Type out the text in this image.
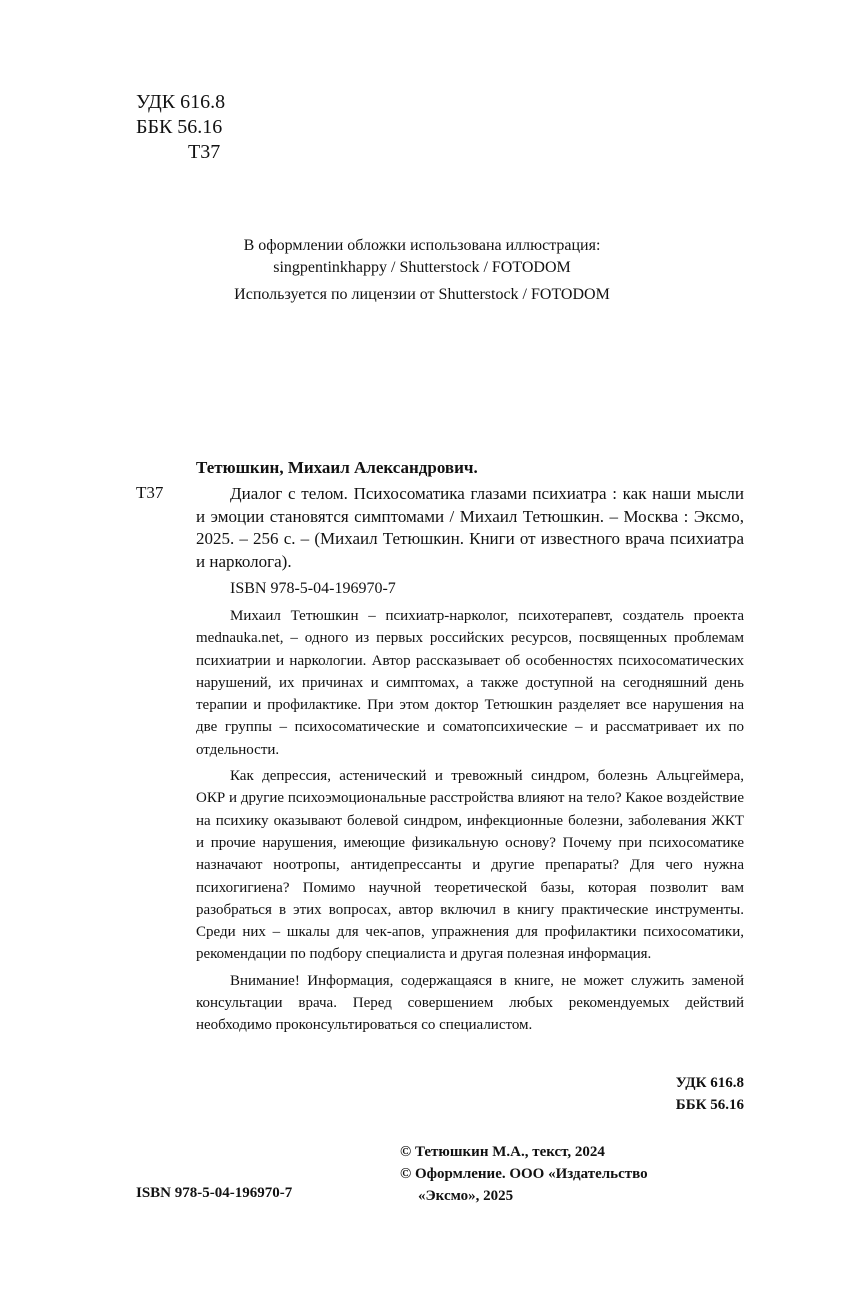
УДК 616.8
ББК 56.16
Т37
В оформлении обложки использована иллюстрация:
singpentinkhappy / Shutterstock / FOTODOM
Используется по лицензии от Shutterstock / FOTODOM
Тетюшкин, Михаил Александрович.
Т37	Диалог с телом. Психосоматика глазами психиатра : как наши мысли и эмоции становятся симптомами / Михаил Тетюшкин. – Москва : Эксмо, 2025. – 256 с. – (Михаил Тетюшкин. Книги от известного врача психиатра и нарколога).
ISBN 978-5-04-196970-7

Михаил Тетюшкин – психиатр-нарколог, психотерапевт, создатель проекта mednauka.net, – одного из первых российских ресурсов, посвященных проблемам психиатрии и наркологии. Автор рассказывает об особенностях психосоматических нарушений, их причинах и симптомах, а также доступной на сегодняшний день терапии и профилактике. При этом доктор Тетюшкин разделяет все нарушения на две группы – психосоматические и соматопсихические – и рассматривает их по отдельности.

Как депрессия, астенический и тревожный синдром, болезнь Альцгеймера, ОКР и другие психоэмоциональные расстройства влияют на тело? Какое воздействие на психику оказывают болевой синдром, инфекционные болезни, заболевания ЖКТ и прочие нарушения, имеющие физикальную основу? Почему при психосоматике назначают ноотропы, антидепрессанты и другие препараты? Для чего нужна психогигиена? Помимо научной теоретической базы, которая позволит вам разобраться в этих вопросах, автор включил в книгу практические инструменты. Среди них – шкалы для чек-апов, упражнения для профилактики психосоматики, рекомендации по подбору специалиста и другая полезная информация.

Внимание! Информация, содержащаяся в книге, не может служить заменой консультации врача. Перед совершением любых рекомендуемых действий необходимо проконсультироваться со специалистом.

УДК 616.8
ББК 56.16
© Тетюшкин М.А., текст, 2024
© Оформление. ООО «Издательство
«Эксмо», 2025
ISBN 978-5-04-196970-7
